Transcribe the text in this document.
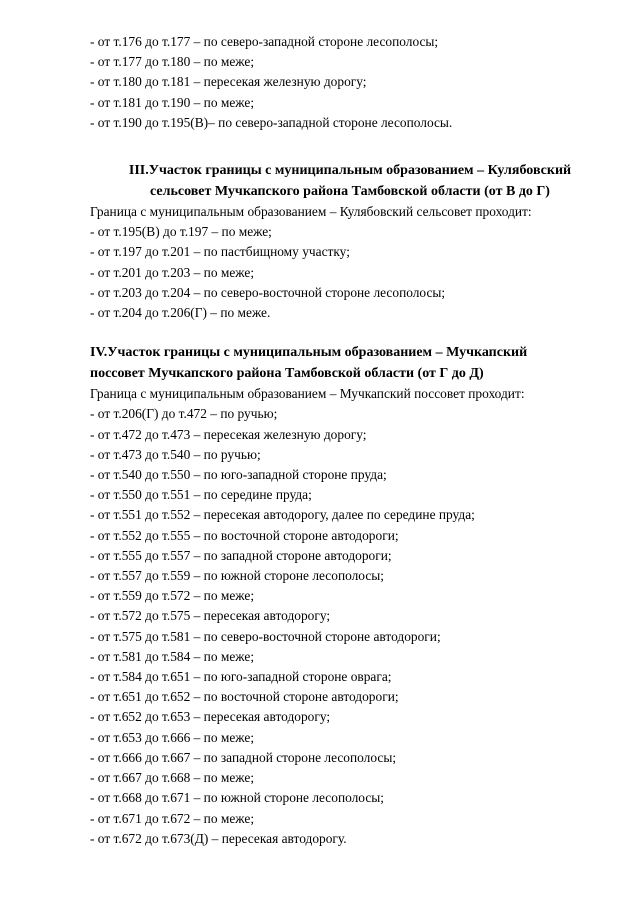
- от т.176 до т.177 – по северо-западной стороне лесополосы;
- от т.177 до т.180 – по меже;
- от т.180 до т.181 – пересекая железную дорогу;
- от т.181 до т.190 – по меже;
- от т.190 до т.195(В)– по северо-западной стороне лесополосы.
III.Участок границы с муниципальным образованием – Кулябовский
сельсовет Мучкапского района Тамбовской области (от В до Г)
Граница с муниципальным образованием – Кулябовский сельсовет проходит:
- от т.195(В) до т.197 – по меже;
- от т.197 до т.201 – по пастбищному участку;
- от т.201 до т.203 – по меже;
- от т.203 до т.204 – по северо-восточной стороне лесополосы;
- от т.204 до т.206(Г) – по меже.
IV.Участок границы с муниципальным образованием – Мучкапский
поссовет Мучкапского района Тамбовской области (от Г до Д)
Граница с муниципальным образованием – Мучкапский поссовет проходит:
- от т.206(Г) до т.472 – по ручью;
- от т.472 до т.473 – пересекая железную дорогу;
- от т.473 до т.540 – по ручью;
- от т.540 до т.550 – по юго-западной стороне пруда;
- от т.550 до т.551 – по середине пруда;
- от т.551 до т.552 – пересекая автодорогу, далее по середине пруда;
- от т.552 до т.555 – по восточной стороне автодороги;
- от т.555 до т.557 – по западной стороне автодороги;
- от т.557 до т.559 – по южной стороне лесополосы;
- от т.559 до т.572 – по меже;
- от т.572 до т.575 – пересекая автодорогу;
- от т.575 до т.581 – по северо-восточной стороне автодороги;
- от т.581 до т.584 – по меже;
- от т.584 до т.651 – по юго-западной стороне оврага;
- от т.651 до т.652 – по восточной стороне автодороги;
- от т.652 до т.653 – пересекая автодорогу;
- от т.653 до т.666 – по меже;
- от т.666 до т.667 – по западной стороне лесополосы;
- от т.667 до т.668 – по меже;
- от т.668 до т.671 – по южной стороне лесополосы;
- от т.671 до т.672 – по меже;
- от т.672 до т.673(Д) – пересекая автодорогу.
